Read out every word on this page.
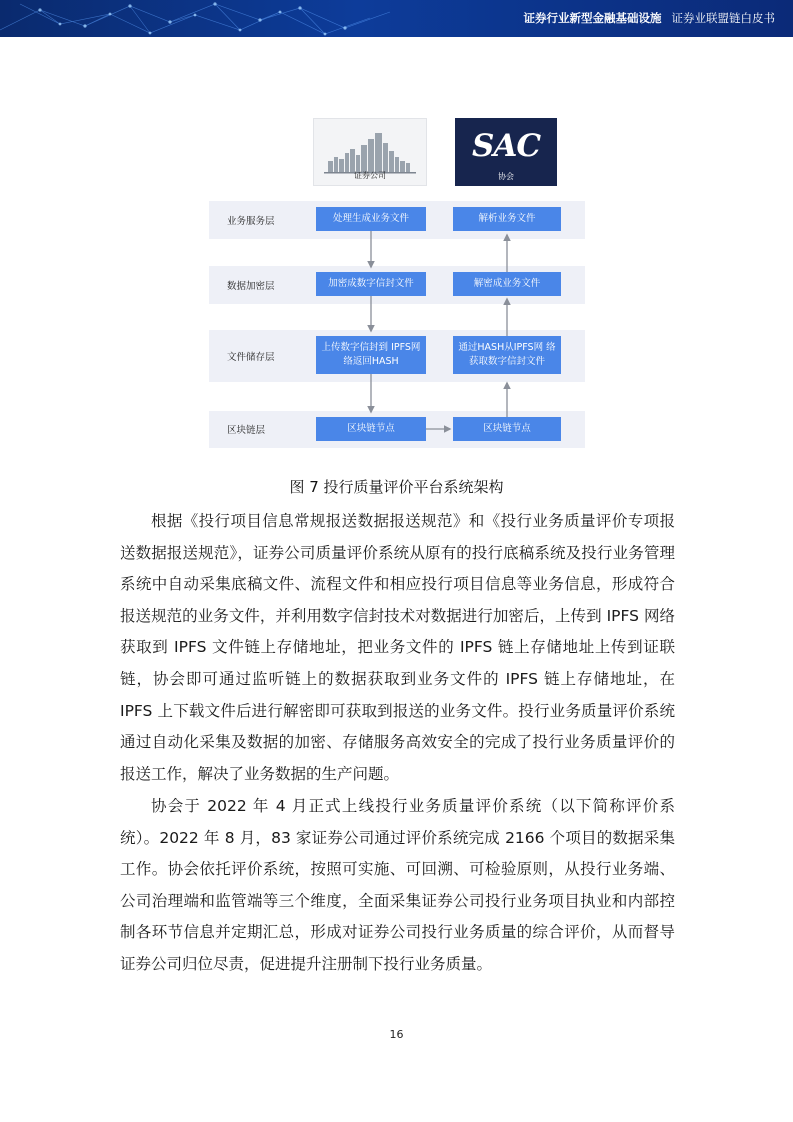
证券行业新型金融基础设施 证券业联盟链白皮书
证券公司
SAC
协会
业务服务层	处理生成业务文件	解析业务文件
数据加密层	加密成数字信封文件	解密成业务文件
文件储存层
上传数字信封到 IPFS网络返回HASH
通过HASH从IPFS网 络获取数字信封文件
区块链层	区块链节点	区块链节点
图 7 投行质量评价平台系统架构

根据《投行项目信息常规报送数据报送规范》和《投行业务质量评价专项报送数据报送规范》，证券公司质量评价系统从原有的投行底稿系统及投行业务管理系统中自动采集底稿文件、流程文件和相应投行项目信息等业务信息，形成符合报送规范的业务文件，并利用数字信封技术对数据进行加密后，上传到 IPFS 网络获取到 IPFS 文件链上存储地址，把业务文件的 IPFS 链上存储地址上传到证联链，协会即可通过监听链上的数据获取到业务文件的 IPFS 链上存储地址，在 IPFS 上下载文件后进行解密即可获取到报送的业务文件。投行业务质量评价系统通过自动化采集及数据的加密、存储服务高效安全的完成了投行业务质量评价的报送工作，解决了业务数据的生产问题。

协会于 2022 年 4 月正式上线投行业务质量评价系统（以下简称评价系统）。2022 年 8 月，83 家证券公司通过评价系统完成 2166 个项目的数据采集工作。协会依托评价系统，按照可实施、可回溯、可检验原则，从投行业务端、公司治理端和监管端等三个维度，全面采集证券公司投行业务项目执业和内部控制各环节信息并定期汇总，形成对证券公司投行业务质量的综合评价，从而督导证券公司归位尽责，促进提升注册制下投行业务质量。

16
